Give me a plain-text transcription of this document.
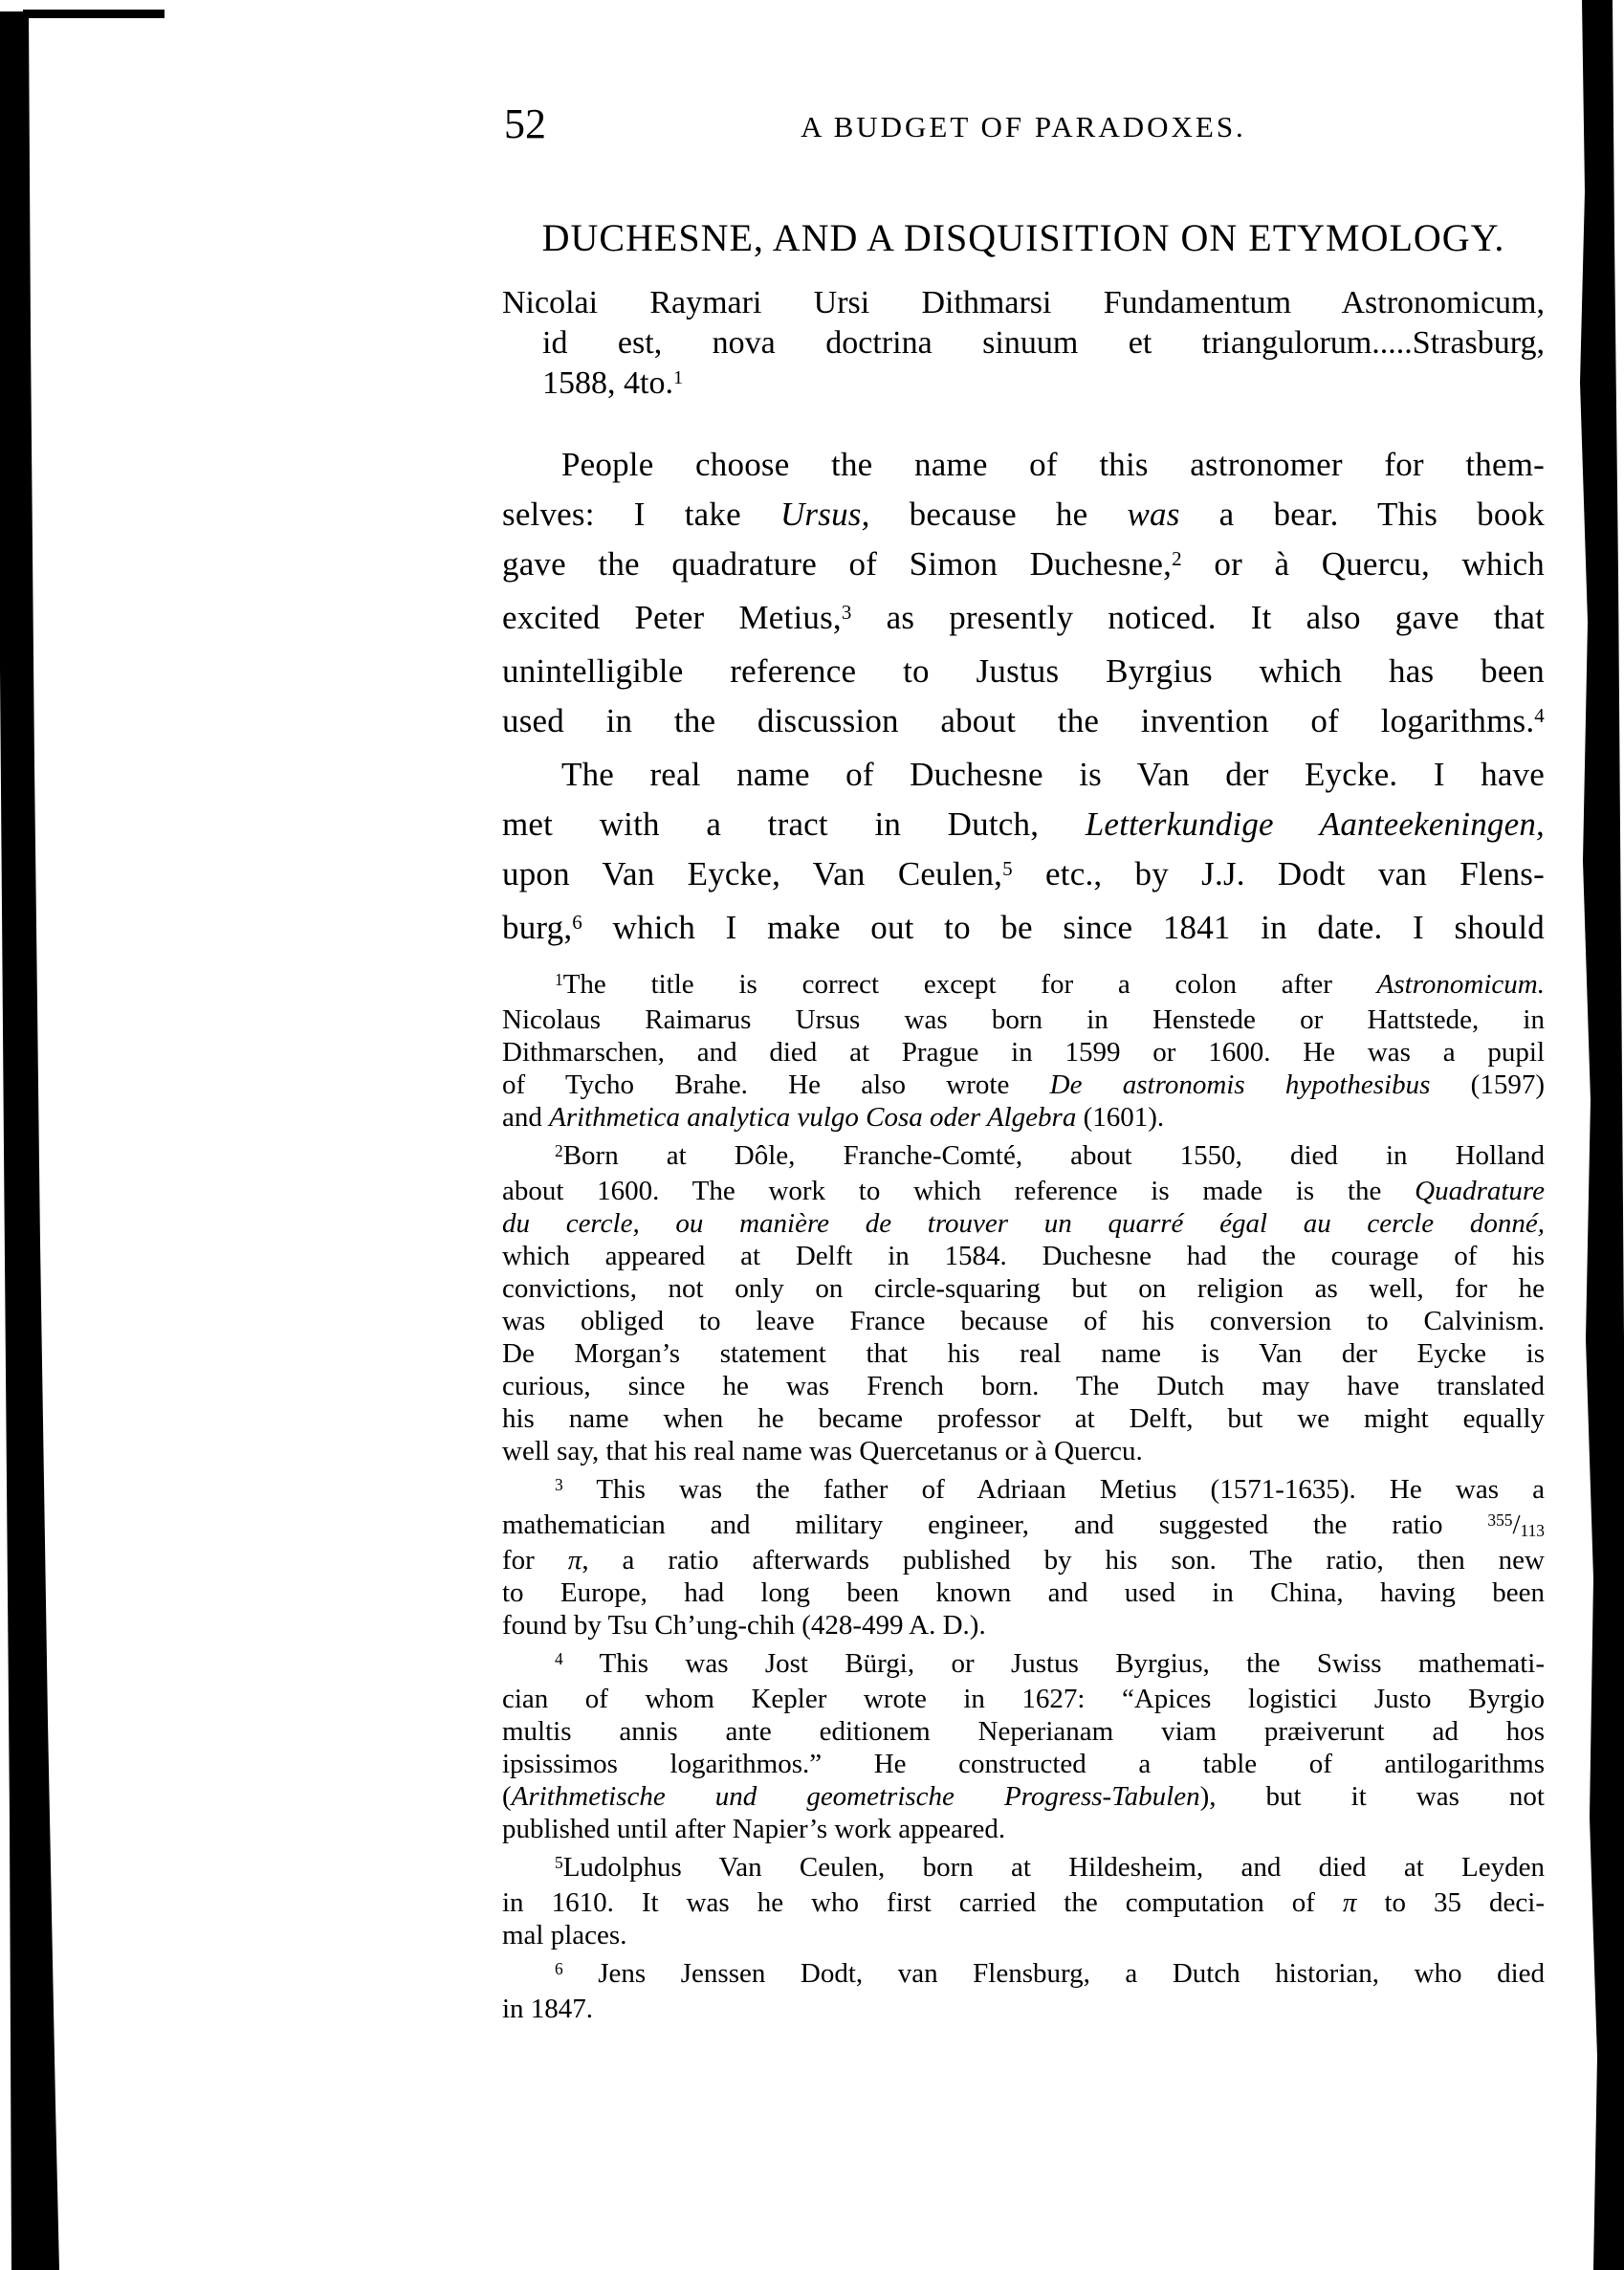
52	A BUDGET OF PARADOXES.
DUCHESNE, AND A DISQUISITION ON ETYMOLOGY.
Nicolai Raymari Ursi Dithmarsi Fundamentum Astronomicum,
id est, nova doctrina sinuum et triangulorum.....Strasburg,
1588, 4to.$^1$
People choose the name of this astronomer for them-
selves: I take Ursus, because he was a bear. This book
gave the quadrature of Simon Duchesne,$^2$ or à Quercu, which
excited Peter Metius,$^3$ as presently noticed. It also gave that
unintelligible reference to Justus Byrgius which has been
used in the discussion about the invention of logarithms.$^4$
The real name of Duchesne is Van der Eycke. I have
met with a tract in Dutch, Letterkundige Aanteekeningen,
upon Van Eycke, Van Ceulen,$^5$ etc., by J.J. Dodt van Flens-
burg,$^6$ which I make out to be since 1841 in date. I should
$^1$The title is correct except for a colon after Astronomicum.
Nicolaus Raimarus Ursus was born in Henstede or Hattstede, in
Dithmarschen, and died at Prague in 1599 or 1600. He was a pupil
of Tycho Brahe. He also wrote De astronomis hypothesibus (1597)
and Arithmetica analytica vulgo Cosa oder Algebra (1601).
$^2$Born at Dôle, Franche-Comté, about 1550, died in Holland
about 1600. The work to which reference is made is the Quadrature
du cercle, ou manière de trouver un quarré égal au cercle donné,
which appeared at Delft in 1584. Duchesne had the courage of his
convictions, not only on circle-squaring but on religion as well, for he
was obliged to leave France because of his conversion to Calvinism.
De Morgan’s statement that his real name is Van der Eycke is
curious, since he was French born. The Dutch may have translated
his name when he became professor at Delft, but we might equally
well say, that his real name was Quercetanus or à Quercu.
$^3$ This was the father of Adriaan Metius (1571-1635). He was a
mathematician and military engineer, and suggested the ratio $^{355}$/113
for π, a ratio afterwards published by his son. The ratio, then new
to Europe, had long been known and used in China, having been
found by Tsu Ch’ung-chih (428-499 A. D.).
$^4$ This was Jost Bürgi, or Justus Byrgius, the Swiss mathemati-
cian of whom Kepler wrote in 1627: “Apices logistici Justo Byrgio
multis annis ante editionem Neperianam viam præiverunt ad hos
ipsissimos logarithmos.” He constructed a table of antilogarithms
(Arithmetische und geometrische Progress-Tabulen), but it was not
published until after Napier’s work appeared.
$^5$Ludolphus Van Ceulen, born at Hildesheim, and died at Leyden
in 1610. It was he who first carried the computation of π to 35 deci-
mal places.
$^6$ Jens Jenssen Dodt, van Flensburg, a Dutch historian, who died
in 1847.
